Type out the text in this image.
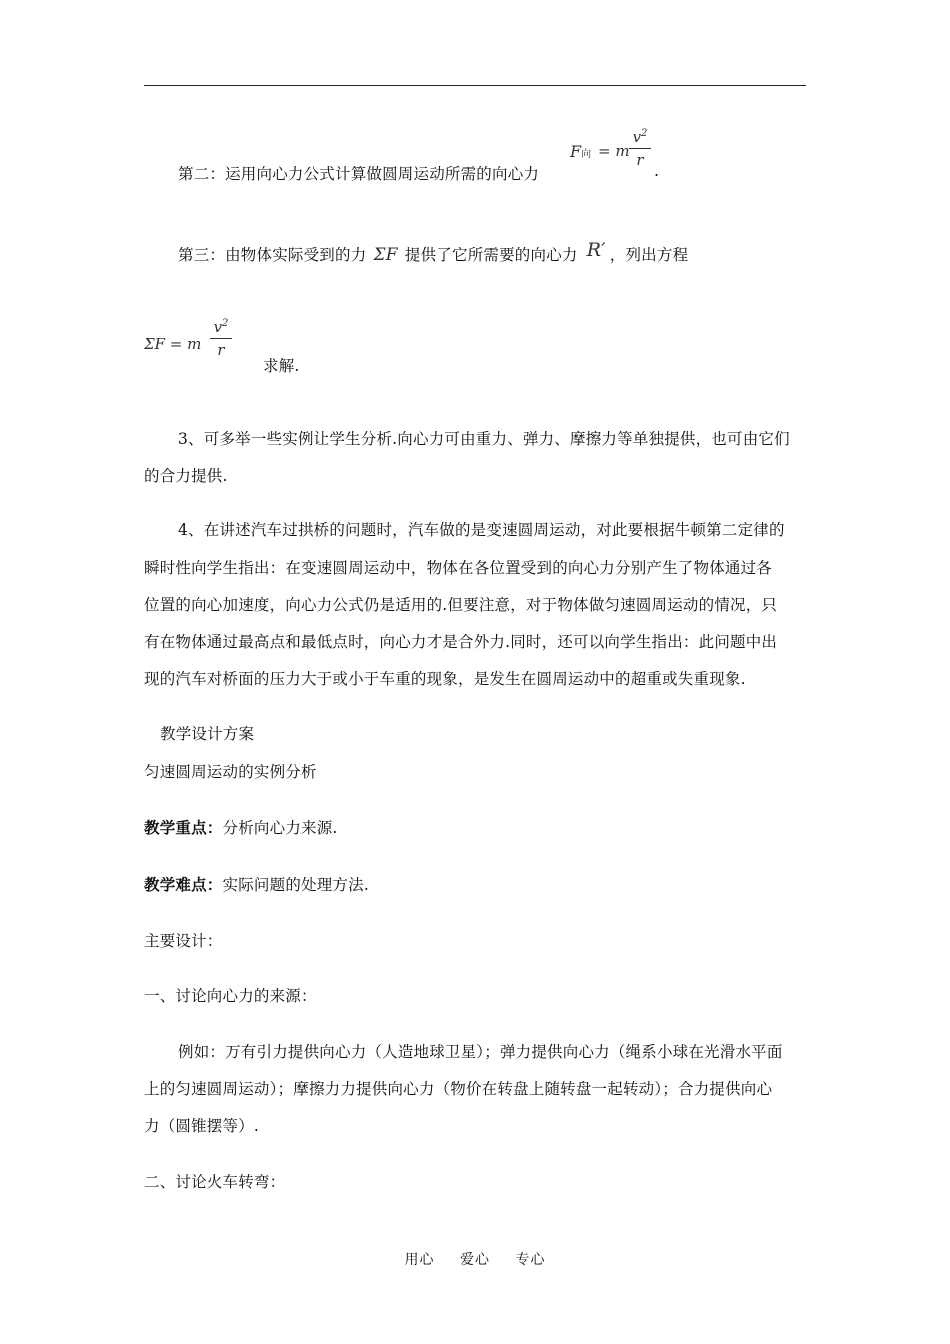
第二：运用向心力公式计算做圆周运动所需的向心力
F向 = m
$v^2$
r
.
第三：由物体实际受到的力 ΣF 提供了它所需要的向心力 R′ ，列出方程
ΣF = m
$v^2$
r
求解.
3、可多举一些实例让学生分析.向心力可由重力、弹力、摩擦力等单独提供，也可由它们
的合力提供.
4、在讲述汽车过拱桥的问题时，汽车做的是变速圆周运动，对此要根据牛顿第二定律的
瞬时性向学生指出：在变速圆周运动中，物体在各位置受到的向心力分别产生了物体通过各
位置的向心加速度，向心力公式仍是适用的.但要注意，对于物体做匀速圆周运动的情况，只
有在物体通过最高点和最低点时，向心力才是合外力.同时，还可以向学生指出：此问题中出
现的汽车对桥面的压力大于或小于车重的现象，是发生在圆周运动中的超重或失重现象.
教学设计方案
匀速圆周运动的实例分析
教学重点：分析向心力来源.
教学难点：实际问题的处理方法.
主要设计：
一、讨论向心力的来源：
例如：万有引力提供向心力（人造地球卫星）；弹力提供向心力（绳系小球在光滑水平面
上的匀速圆周运动）；摩擦力力提供向心力（物价在转盘上随转盘一起转动）；合力提供向心
力（圆锥摆等）.
二、讨论火车转弯：
用心 爱心 专心
